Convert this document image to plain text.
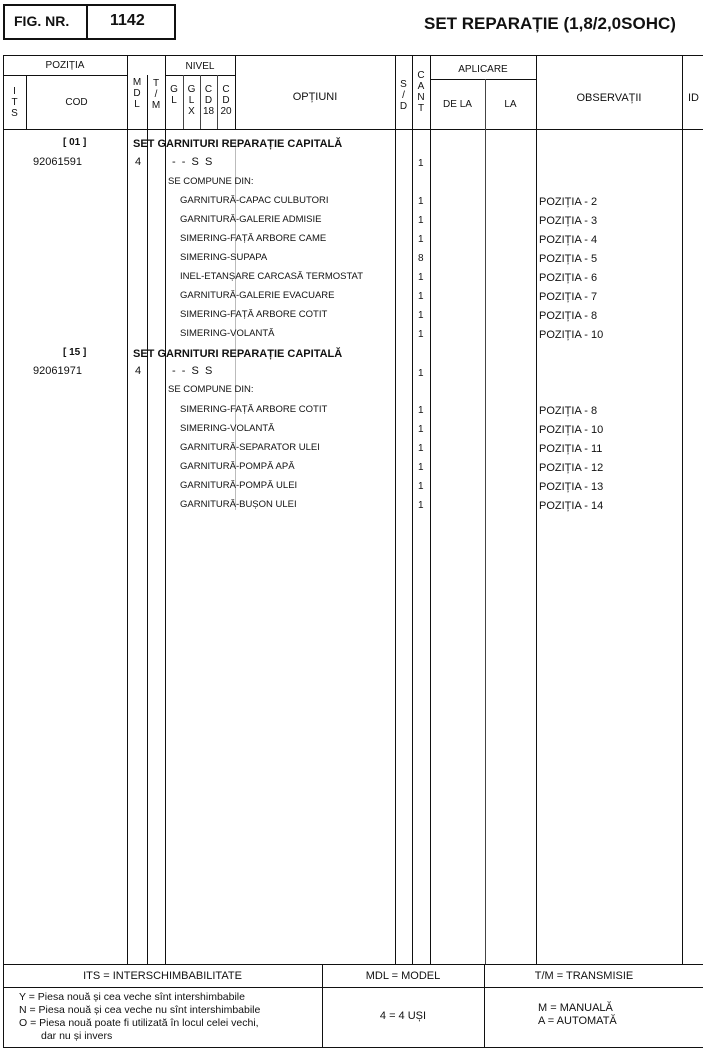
FIG. NR.	1142	SET REPARAȚIE (1,8/2,0SOHC)
POZIȚIA
I
T
S
COD
M
D
L
T
/
M
NIVEL
G
L
G
L
X
C
D
18
C
D
20
OPȚIUNI
S
/
D
C
A
N
T
APLICARE
DE LA	LA
OBSERVAȚII	ID
[ 01 ]	SET GARNITURI REPARAȚIE CAPITALĂ
92061591	4	-  -  S  S	1
SE COMPUNE DIN:
GARNITURĂ-CAPAC CULBUTORI	1	POZIȚIA - 2
GARNITURĂ-GALERIE ADMISIE	1	POZIȚIA - 3
SIMERING-FAȚĂ ARBORE CAME	1	POZIȚIA - 4
SIMERING-SUPAPA	8	POZIȚIA - 5
INEL-ETANȘARE CARCASĂ TERMOSTAT	1	POZIȚIA - 6
GARNITURĂ-GALERIE EVACUARE	1	POZIȚIA - 7
SIMERING-FAȚĂ ARBORE COTIT	1	POZIȚIA - 8
SIMERING-VOLANTĂ	1	POZIȚIA - 10
[ 15 ]	SET GARNITURI REPARAȚIE CAPITALĂ
92061971	4	-  -  S  S	1
SE COMPUNE DIN:
SIMERING-FAȚĂ ARBORE COTIT	1	POZIȚIA - 8
SIMERING-VOLANTĂ	1	POZIȚIA - 10
GARNITURĂ-SEPARATOR ULEI	1	POZIȚIA - 11
GARNITURĂ-POMPĂ APĂ	1	POZIȚIA - 12
GARNITURĂ-POMPĂ ULEI	1	POZIȚIA - 13
GARNITURĂ-BUȘON ULEI	1	POZIȚIA - 14
ITS = INTERSCHIMBABILITATE	MDL = MODEL	T/M = TRANSMISIE
Y = Piesa nouă și cea veche sînt intershimbabile
N = Piesa nouă și cea veche nu sînt intershimbabile
O = Piesa nouă poate fi utilizată în locul celei vechi,
dar nu și invers
4 = 4 UȘI
M = MANUALĂ
A = AUTOMATĂ
